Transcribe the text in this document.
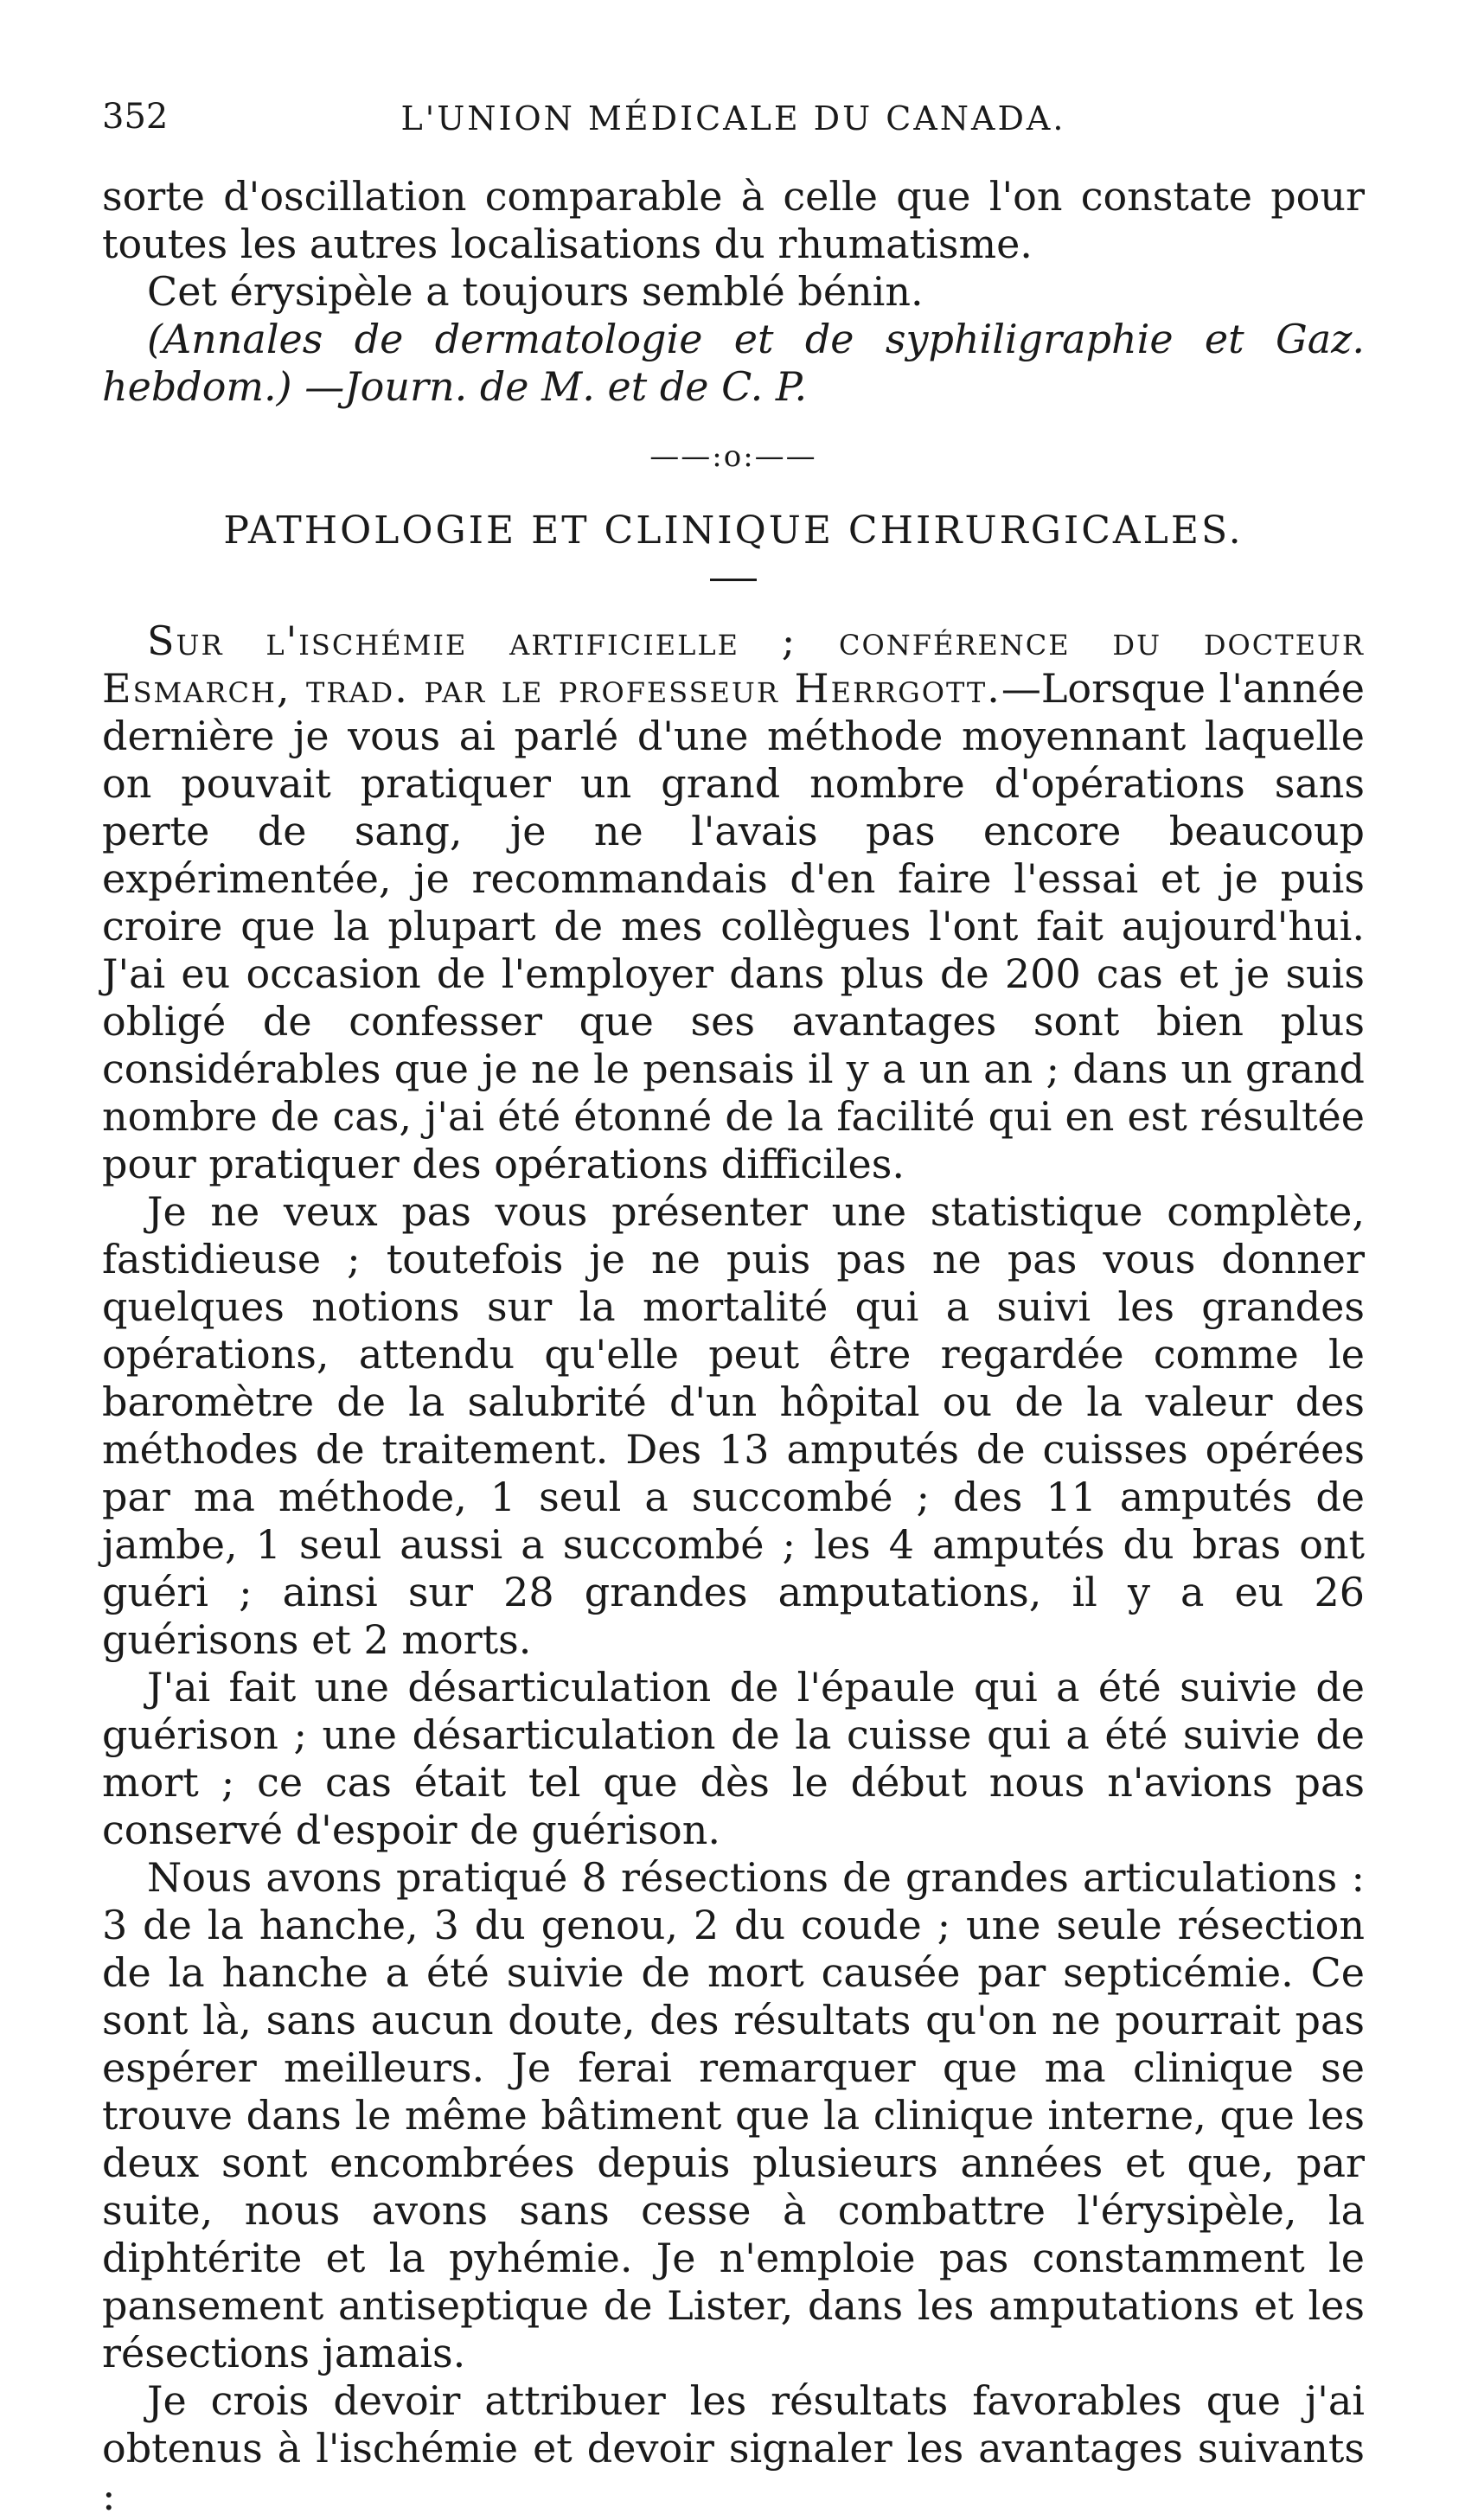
352	L'UNION MÉDICALE DU CANADA.

sorte d'oscillation comparable à celle que l'on constate pour toutes les autres localisations du rhumatisme.

Cet érysipèle a toujours semblé bénin.

(Annales de dermatologie et de syphiligraphie et Gaz. hebdom.) —Journ. de M. et de C. P.

——:o:——
PATHOLOGIE ET CLINIQUE CHIRURGICALES.

Sur l'ischémie artificielle ; conférence du docteur Esmarch, trad. par le professeur Herrgott.—Lorsque l'année dernière je vous ai parlé d'une méthode moyennant laquelle on pouvait pratiquer un grand nombre d'opérations sans perte de sang, je ne l'avais pas encore beaucoup expérimentée, je recommandais d'en faire l'essai et je puis croire que la plupart de mes collègues l'ont fait aujourd'hui. J'ai eu occasion de l'employer dans plus de 200 cas et je suis obligé de confesser que ses avantages sont bien plus considérables que je ne le pensais il y a un an ; dans un grand nombre de cas, j'ai été étonné de la facilité qui en est résultée pour pratiquer des opérations difficiles.

Je ne veux pas vous présenter une statistique complète, fastidieuse ; toutefois je ne puis pas ne pas vous donner quelques notions sur la mortalité qui a suivi les grandes opérations, attendu qu'elle peut être regardée comme le baromètre de la salubrité d'un hôpital ou de la valeur des méthodes de traitement. Des 13 amputés de cuisses opérées par ma méthode, 1 seul a succombé ; des 11 amputés de jambe, 1 seul aussi a succombé ; les 4 amputés du bras ont guéri ; ainsi sur 28 grandes amputations, il y a eu 26 guérisons et 2 morts.

J'ai fait une désarticulation de l'épaule qui a été suivie de guérison ; une désarticulation de la cuisse qui a été suivie de mort ; ce cas était tel que dès le début nous n'avions pas conservé d'espoir de guérison.

Nous avons pratiqué 8 résections de grandes articulations : 3 de la hanche, 3 du genou, 2 du coude ; une seule résection de la hanche a été suivie de mort causée par septicémie. Ce sont là, sans aucun doute, des résultats qu'on ne pourrait pas espérer meilleurs. Je ferai remarquer que ma clinique se trouve dans le même bâtiment que la clinique interne, que les deux sont encombrées depuis plusieurs années et que, par suite, nous avons sans cesse à combattre l'érysipèle, la diphtérite et la pyhémie. Je n'emploie pas constamment le pansement antiseptique de Lister, dans les amputations et les résections jamais.

Je crois devoir attribuer les résultats favorables que j'ai obtenus à l'ischémie et devoir signaler les avantages suivants :
